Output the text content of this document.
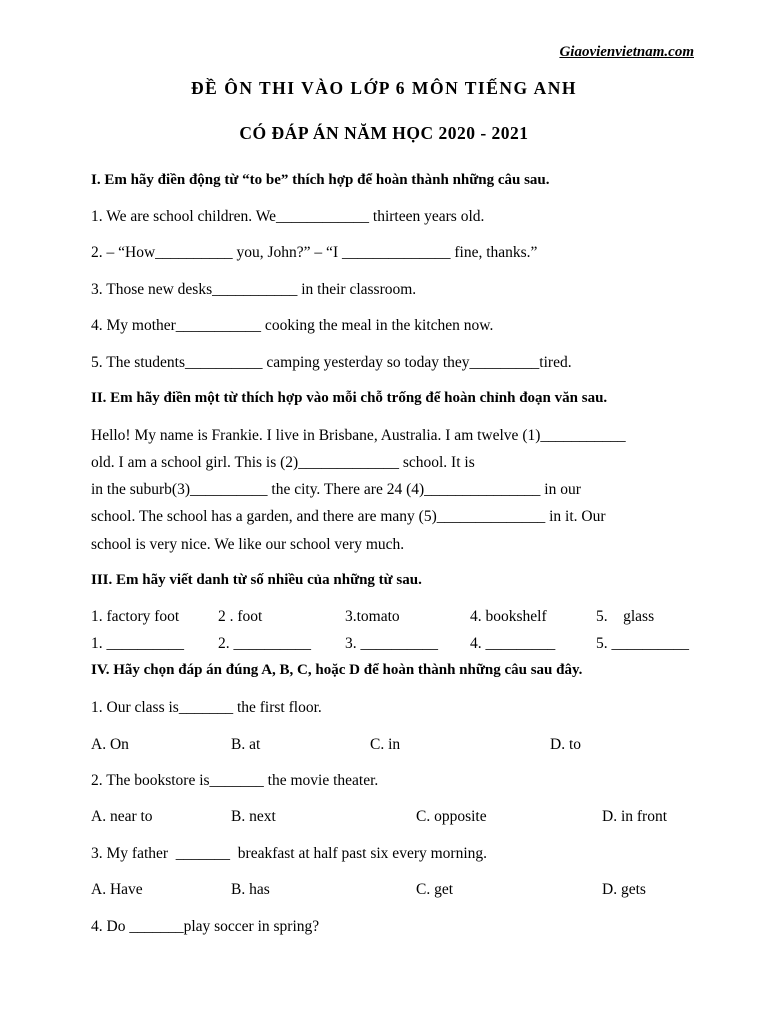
Giaovienvietnam.com
ĐỀ ÔN THI VÀO LỚP 6 MÔN TIẾNG ANH
CÓ ĐÁP ÁN NĂM HỌC 2020 - 2021
I. Em hãy điền động từ “to be” thích hợp để hoàn thành những câu sau.
1. We are school children. We____________ thirteen years old.
2. – “How__________ you, John?” – “I ______________ fine, thanks.”
3. Those new desks___________ in their classroom.
4. My mother___________ cooking the meal in the kitchen now.
5. The students__________ camping yesterday so today they_________tired.
II. Em hãy điền một từ thích hợp vào mỗi chỗ trống để hoàn chỉnh đoạn văn sau.
Hello! My name is Frankie. I live in Brisbane, Australia. I am twelve (1)___________
old. I am a school girl. This is (2)_____________ school. It is
in the suburb(3)__________ the city. There are 24 (4)_______________ in our
school. The school has a garden, and there are many (5)______________ in it. Our
school is very nice. We like our school very much.
III. Em hãy viết danh từ số nhiều của những từ sau.
1. factory foot	2 . foot	3.tomato	4. bookshelf	5.    glass
1. __________ 2. __________ 3. __________ 4. _________	5. __________
IV. Hãy chọn đáp án đúng A, B, C, hoặc D để hoàn thành những câu sau đây.
1. Our class is_______ the first floor.
A. On	B. at	C. in	D. to
2. The bookstore is_______ the movie theater.
A. near to	B. next	C. opposite	D. in front
3. My father  _______  breakfast at half past six every morning.
A. Have	B. has	C. get	D. gets
4. Do _______play soccer in spring?
